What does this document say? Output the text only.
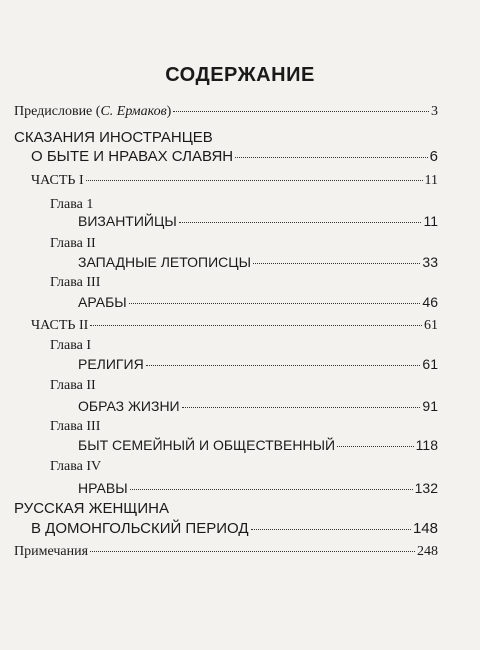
СОДЕРЖАНИЕ
Предисловие (С. Ермаков)	3
СКАЗАНИЯ ИНОСТРАНЦЕВ
О БЫТЕ И НРАВАХ СЛАВЯН	6
ЧАСТЬ I	11
Глава 1
ВИЗАНТИЙЦЫ	11
Глава II
ЗАПАДНЫЕ ЛЕТОПИСЦЫ	33
Глава III
АРАБЫ	46
ЧАСТЬ II	61
Глава I
РЕЛИГИЯ	61
Глава II
ОБРАЗ ЖИЗНИ	91
Глава III
БЫТ СЕМЕЙНЫЙ И ОБЩЕСТВЕННЫЙ	118
Глава IV
НРАВЫ	132
РУССКАЯ ЖЕНЩИНА
В ДОМОНГОЛЬСКИЙ ПЕРИОД	148
Примечания	248
